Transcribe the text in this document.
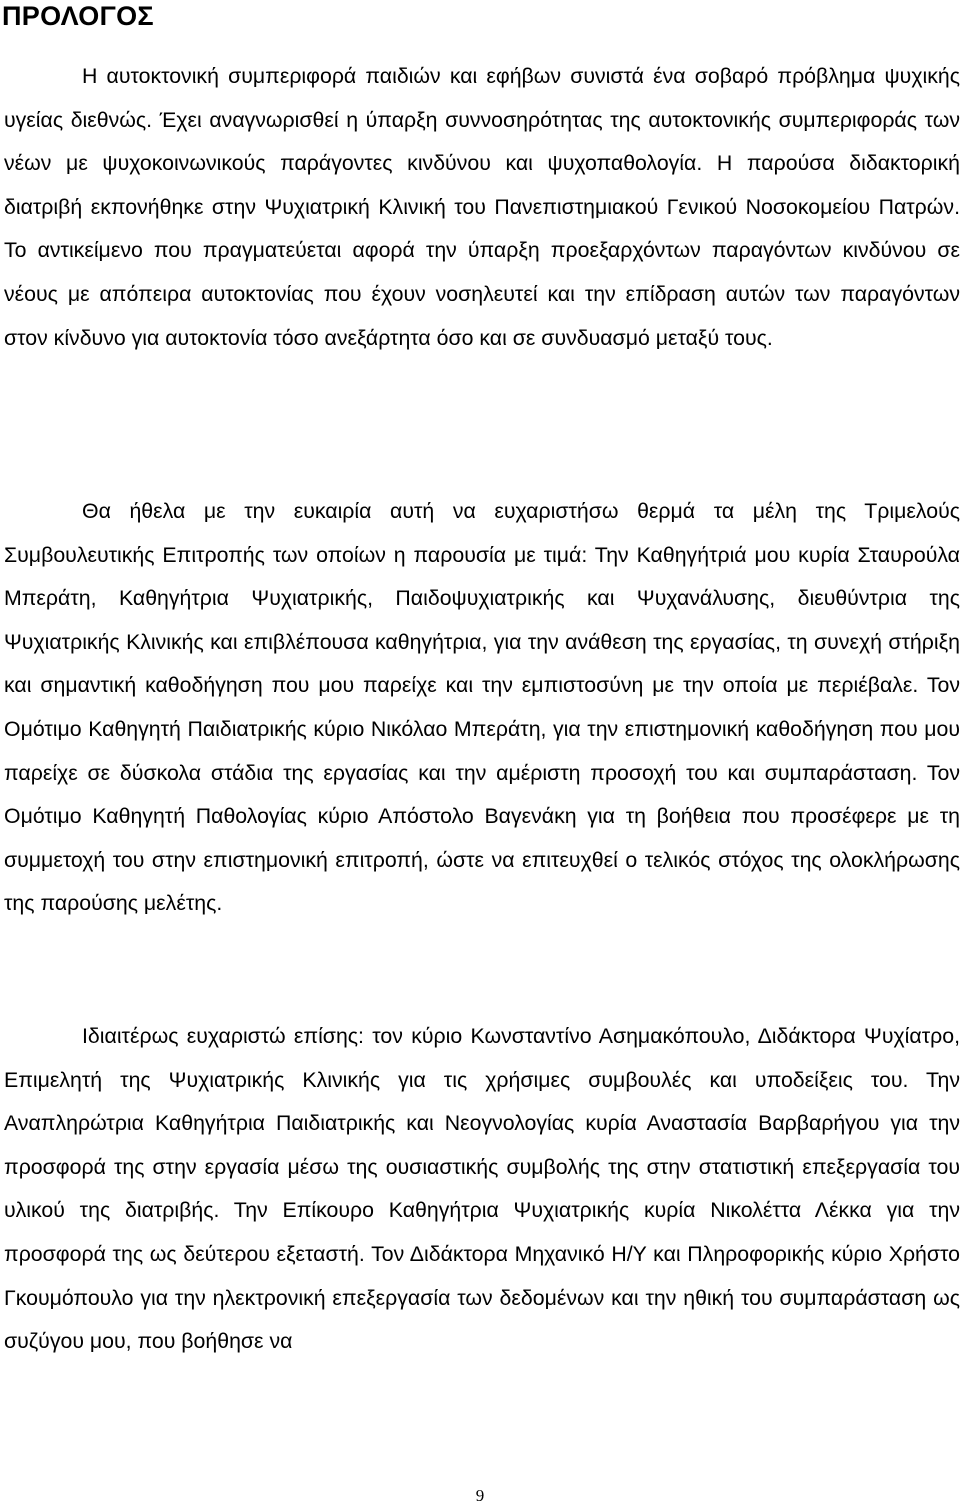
ΠΡΟΛΟΓΟΣ

Η αυτοκτονική συμπεριφορά παιδιών και εφήβων συνιστά ένα σοβαρό πρόβλημα ψυχικής υγείας διεθνώς. Έχει αναγνωρισθεί η ύπαρξη συννοσηρότητας της αυτοκτονικής συμπεριφοράς των νέων με ψυχοκοινωνικούς παράγοντες κινδύνου και ψυχοπαθολογία. Η παρούσα διδακτορική διατριβή εκπονήθηκε στην Ψυχιατρική Κλινική του Πανεπιστημιακού Γενικού Νοσοκομείου Πατρών. Το αντικείμενο που πραγματεύεται αφορά την ύπαρξη προεξαρχόντων παραγόντων κινδύνου σε νέους με απόπειρα αυτοκτονίας που έχουν νοσηλευτεί και την επίδραση αυτών των παραγόντων στον κίνδυνο για αυτοκτονία τόσο ανεξάρτητα όσο και σε συνδυασμό μεταξύ τους.

Θα ήθελα με την ευκαιρία αυτή να ευχαριστήσω θερμά τα μέλη της Τριμελούς Συμβουλευτικής Επιτροπής των οποίων η παρουσία με τιμά: Την Καθηγήτριά μου κυρία Σταυρούλα Μπεράτη, Καθηγήτρια Ψυχιατρικής, Παιδοψυχιατρικής και Ψυχανάλυσης, διευθύντρια της Ψυχιατρικής Κλινικής και επιβλέπουσα καθηγήτρια, για την ανάθεση της εργασίας, τη συνεχή στήριξη και σημαντική καθοδήγηση που μου παρείχε και την εμπιστοσύνη με την οποία με περιέβαλε. Τον Ομότιμο Καθηγητή Παιδιατρικής κύριο Νικόλαο Μπεράτη, για την επιστημονική καθοδήγηση που μου παρείχε σε δύσκολα στάδια της εργασίας και την αμέριστη προσοχή του και συμπαράσταση. Τον Ομότιμο Καθηγητή Παθολογίας κύριο Απόστολο Βαγενάκη για τη βοήθεια που προσέφερε με τη συμμετοχή του στην επιστημονική επιτροπή, ώστε να επιτευχθεί ο τελικός στόχος της ολοκλήρωσης της παρούσης μελέτης.

Ιδιαιτέρως ευχαριστώ επίσης: τον κύριο Κωνσταντίνο Ασημακόπουλο, Διδάκτορα Ψυχίατρο, Επιμελητή της Ψυχιατρικής Κλινικής για τις χρήσιμες συμβουλές και υποδείξεις του. Την Αναπληρώτρια Καθηγήτρια Παιδιατρικής και Νεογνολογίας κυρία Αναστασία Βαρβαρήγου για την προσφορά της στην εργασία μέσω της ουσιαστικής συμβολής της στην στατιστική επεξεργασία του υλικού της διατριβής. Την Επίκουρο Καθηγήτρια Ψυχιατρικής κυρία Νικολέττα Λέκκα για την προσφορά της ως δεύτερου εξεταστή. Τον Διδάκτορα Μηχανικό Η/Υ και Πληροφορικής κύριο Χρήστο Γκουμόπουλο για την ηλεκτρονική επεξεργασία των δεδομένων και την ηθική του συμπαράσταση ως συζύγου μου, που βοήθησε να

9
